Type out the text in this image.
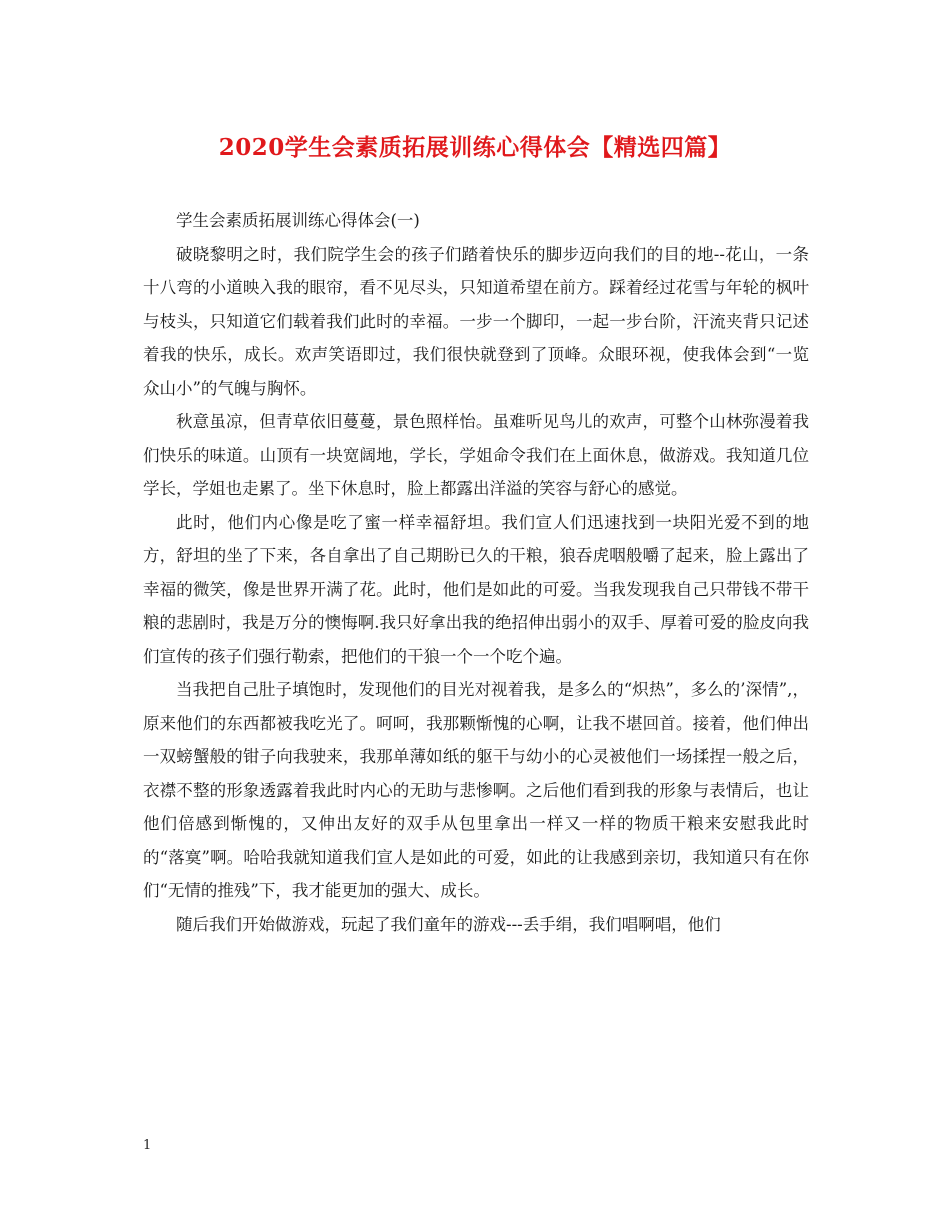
2020学生会素质拓展训练心得体会【精选四篇】

学生会素质拓展训练心得体会(一)

破晓黎明之时，我们院学生会的孩子们踏着快乐的脚步迈向我们的目的地--花山，一条十八弯的小道映入我的眼帘，看不见尽头，只知道希望在前方。踩着经过花雪与年轮的枫叶与枝头，只知道它们载着我们此时的幸福。一步一个脚印，一起一步台阶，汗流夹背只记述着我的快乐，成长。欢声笑语即过，我们很快就登到了顶峰。众眼环视，使我体会到“一览众山小”的气魄与胸怀。

秋意虽凉，但青草依旧蔓蔓，景色照样怡。虽难听见鸟儿的欢声，可整个山林弥漫着我们快乐的味道。山顶有一块宽阔地，学长，学姐命令我们在上面休息，做游戏。我知道几位学长，学姐也走累了。坐下休息时，脸上都露出洋溢的笑容与舒心的感觉。

此时，他们内心像是吃了蜜一样幸福舒坦。我们宣人们迅速找到一块阳光爱不到的地方，舒坦的坐了下来，各自拿出了自己期盼已久的干粮，狼吞虎咽般嚼了起来，脸上露出了幸福的微笑，像是世界开满了花。此时，他们是如此的可爱。当我发现我自己只带钱不带干粮的悲剧时，我是万分的懊悔啊.我只好拿出我的绝招伸出弱小的双手、厚着可爱的脸皮向我们宣传的孩子们强行勒索，把他们的干狼一个一个吃个遍。

当我把自己肚子填饱时，发现他们的目光对视着我，是多么的“炽热”，多么的’深情”,，原来他们的东西都被我吃光了。呵呵，我那颗惭愧的心啊，让我不堪回首。接着，他们伸出一双螃蟹般的钳子向我驶来，我那单薄如纸的躯干与幼小的心灵被他们一场揉捏一般之后，衣襟不整的形象透露着我此时内心的无助与悲惨啊。之后他们看到我的形象与表情后，也让他们倍感到惭愧的，又伸出友好的双手从包里拿出一样又一样的物质干粮来安慰我此时的“落寞”啊。哈哈我就知道我们宣人是如此的可爱，如此的让我感到亲切，我知道只有在你们“无情的推残”下，我才能更加的强大、成长。

随后我们开始做游戏，玩起了我们童年的游戏---丢手绢，我们唱啊唱，他们

1
